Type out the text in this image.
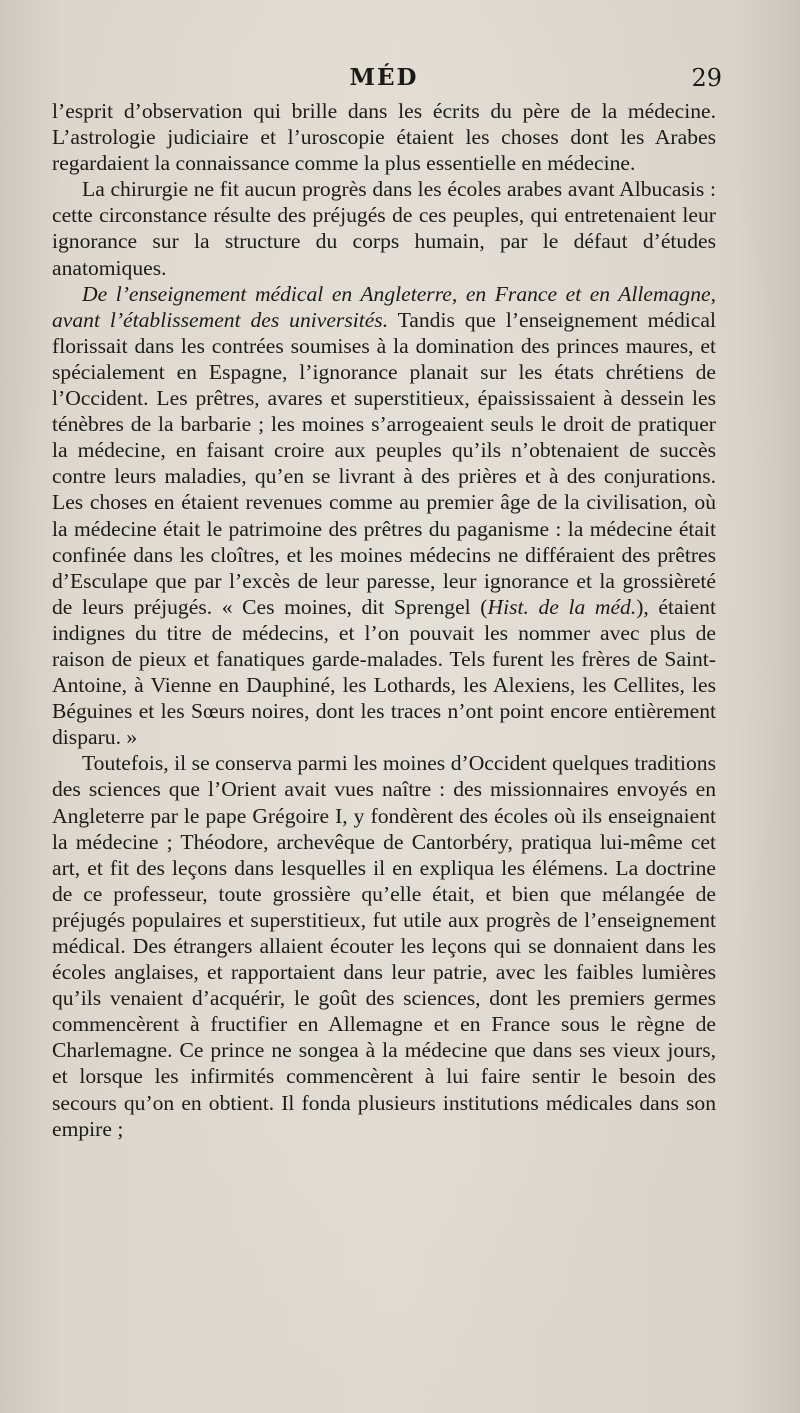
MÉD	29

l’esprit d’observation qui brille dans les écrits du père de la médecine. L’astrologie judiciaire et l’uroscopie étaient les choses dont les Arabes regardaient la connaissance comme la plus essentielle en médecine.

La chirurgie ne fit aucun progrès dans les écoles arabes avant Albucasis : cette circonstance résulte des préjugés de ces peuples, qui entretenaient leur ignorance sur la structure du corps humain, par le défaut d’études anatomiques.

De l’enseignement médical en Angleterre, en France et en Allemagne, avant l’établissement des universités. Tandis que l’enseignement médical florissait dans les contrées soumises à la domination des princes maures, et spécialement en Espagne, l’ignorance planait sur les états chrétiens de l’Occident. Les prêtres, avares et superstitieux, épaississaient à dessein les ténèbres de la barbarie ; les moines s’arrogeaient seuls le droit de pratiquer la médecine, en faisant croire aux peuples qu’ils n’obtenaient de succès contre leurs maladies, qu’en se livrant à des prières et à des conjurations. Les choses en étaient revenues comme au premier âge de la civilisation, où la médecine était le patrimoine des prêtres du paganisme : la médecine était confinée dans les cloîtres, et les moines médecins ne différaient des prêtres d’Esculape que par l’excès de leur paresse, leur ignorance et la grossièreté de leurs préjugés. « Ces moines, dit Sprengel (Hist. de la méd.), étaient indignes du titre de médecins, et l’on pouvait les nommer avec plus de raison de pieux et fanatiques garde-malades. Tels furent les frères de Saint-Antoine, à Vienne en Dauphiné, les Lothards, les Alexiens, les Cellites, les Béguines et les Sœurs noires, dont les traces n’ont point encore entièrement disparu. »

Toutefois, il se conserva parmi les moines d’Occident quelques traditions des sciences que l’Orient avait vues naître : des missionnaires envoyés en Angleterre par le pape Grégoire I, y fondèrent des écoles où ils enseignaient la médecine ; Théodore, archevêque de Cantorbéry, pratiqua lui-même cet art, et fit des leçons dans lesquelles il en expliqua les élémens. La doctrine de ce professeur, toute grossière qu’elle était, et bien que mélangée de préjugés populaires et superstitieux, fut utile aux progrès de l’enseignement médical. Des étrangers allaient écouter les leçons qui se donnaient dans les écoles anglaises, et rapportaient dans leur patrie, avec les faibles lumières qu’ils venaient d’acquérir, le goût des sciences, dont les premiers germes commencèrent à fructifier en Allemagne et en France sous le règne de Charlemagne. Ce prince ne songea à la médecine que dans ses vieux jours, et lorsque les infirmités commencèrent à lui faire sentir le besoin des secours qu’on en obtient. Il fonda plusieurs institutions médicales dans son empire ;
